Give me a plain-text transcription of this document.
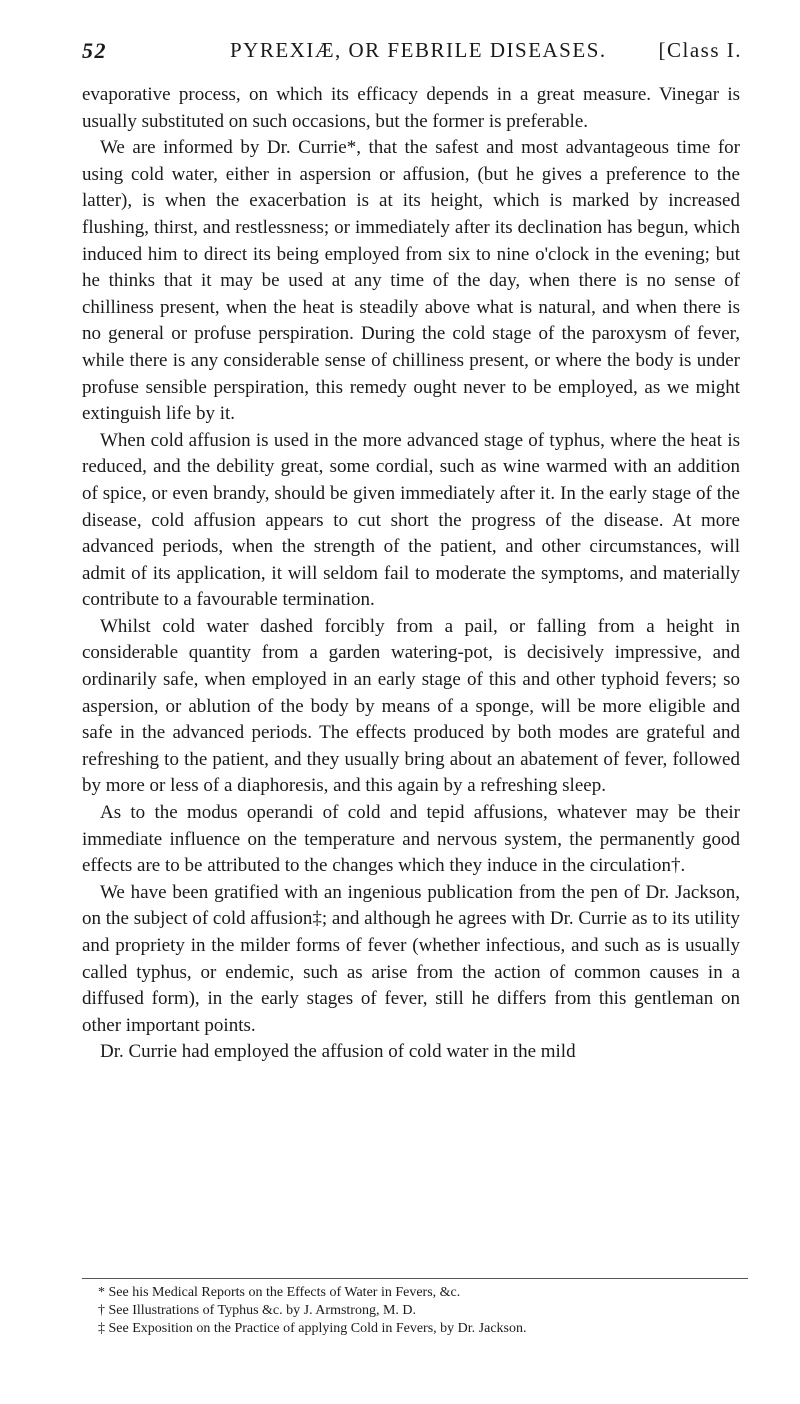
52	PYREXIÆ, OR FEBRILE DISEASES. [Class I.

evaporative process, on which its efficacy depends in a great measure. Vinegar is usually substituted on such occasions, but the former is preferable.

We are informed by Dr. Currie*, that the safest and most advantageous time for using cold water, either in aspersion or affusion, (but he gives a preference to the latter), is when the exacerbation is at its height, which is marked by increased flushing, thirst, and restlessness; or immediately after its declination has begun, which induced him to direct its being employed from six to nine o'clock in the evening; but he thinks that it may be used at any time of the day, when there is no sense of chilliness present, when the heat is steadily above what is natural, and when there is no general or profuse perspiration. During the cold stage of the paroxysm of fever, while there is any considerable sense of chilliness present, or where the body is under profuse sensible perspiration, this remedy ought never to be employed, as we might extinguish life by it.

When cold affusion is used in the more advanced stage of typhus, where the heat is reduced, and the debility great, some cordial, such as wine warmed with an addition of spice, or even brandy, should be given immediately after it. In the early stage of the disease, cold affusion appears to cut short the progress of the disease. At more advanced periods, when the strength of the patient, and other circumstances, will admit of its application, it will seldom fail to moderate the symptoms, and materially contribute to a favourable termination.

Whilst cold water dashed forcibly from a pail, or falling from a height in considerable quantity from a garden watering-pot, is decisively impressive, and ordinarily safe, when employed in an early stage of this and other typhoid fevers; so aspersion, or ablution of the body by means of a sponge, will be more eligible and safe in the advanced periods. The effects produced by both modes are grateful and refreshing to the patient, and they usually bring about an abatement of fever, followed by more or less of a diaphoresis, and this again by a refreshing sleep.

As to the modus operandi of cold and tepid affusions, whatever may be their immediate influence on the temperature and nervous system, the permanently good effects are to be attributed to the changes which they induce in the circulation†.

We have been gratified with an ingenious publication from the pen of Dr. Jackson, on the subject of cold affusion‡; and although he agrees with Dr. Currie as to its utility and propriety in the milder forms of fever (whether infectious, and such as is usually called typhus, or endemic, such as arise from the action of common causes in a diffused form), in the early stages of fever, still he differs from this gentleman on other important points.

Dr. Currie had employed the affusion of cold water in the mild

* See his Medical Reports on the Effects of Water in Fevers, &c.
† See Illustrations of Typhus &c. by J. Armstrong, M. D.
‡ See Exposition on the Practice of applying Cold in Fevers, by Dr. Jackson.
